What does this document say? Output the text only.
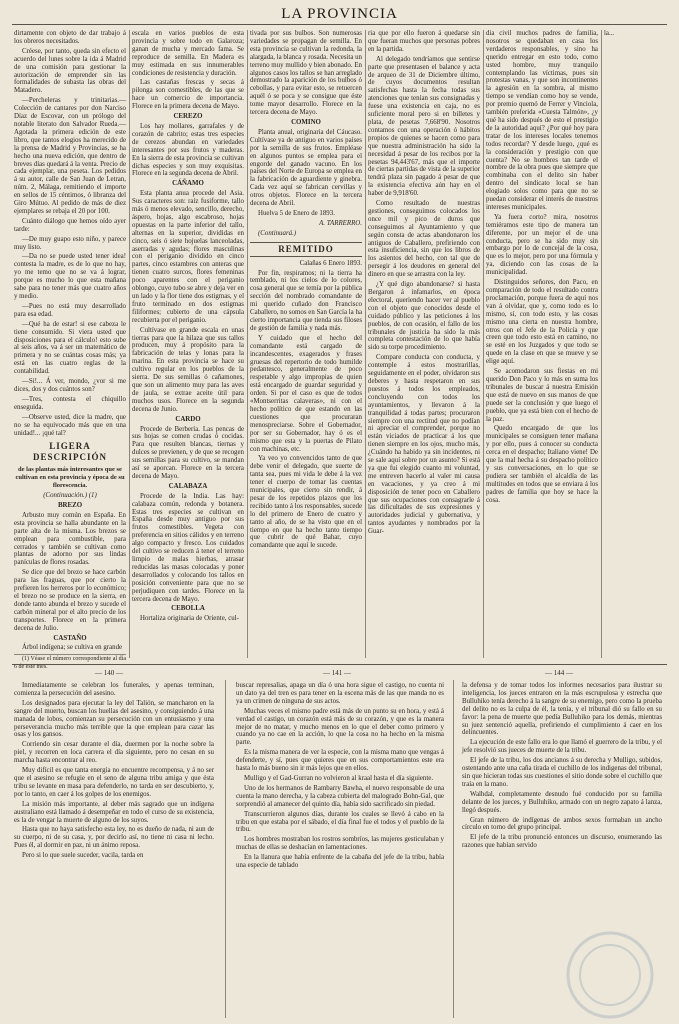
LA PROVINCIA

dirtamente con objeto de dar trabajo á los obreros necesitados.

Créese, por tanto, queda sin efecto el acuerdo del lunes sobre la ida á Madrid de una comisión para gestionar la autorización de emprender sin las formalidades de subasta las obras del Matadero.

—Percheleras y trinitarias.— Colección de cantares por don Narciso Díaz de Escovar, con un prólogo del notable literato don Salvador Rueda.—Agotada la primera edición de este libro, que tantos elogios ha merecido de la prensa de Madrid y Provincias, se ha hecho una nueva edición, que dentro de breves días quedará á la venta. Precio de cada ejemplar, una peseta. Los pedidos á su autor, calle de San Juan de Letran, núm. 2, Málaga, remitiendo el importe en sellos de 15 céntimos, ó libranza del Giro Mútuo. Al pedido de más de diez ejemplares se rebaja el 20 por 100.

Cuánto diálogo que hemos oído ayer tarde:

—De muy guapo esto niño, y parece muy listo.

—Da no se puede usted tener idea! contesta la madre, es de lo que no hay, yo me temo que no se va á lograr, porque es mucho lo que esta mañana sabe para no tener más que cuatro años y medio.

—Pues no está muy desarrollado para esa edad.

—Qué ha de estar! si ese cabeza le tiene consumido. Si viera usted que disposiciones para el cálculo! esto sube al seis años, va á ser un matemático de primera y no se cuántas cosas más; ya está en las cuatro reglas de la contabilidad.

—Si!... Á ver, mondo, ¿vor si me dices, dos y dos cuántos son?

—Tres, contesta el chiquillo enseguida.

—Observe usted, dice la madre, que no se ha equivocado más que en una unidad!... ¡qué tal?

LIGERA DESCRIPCIÓN

de las plantas más interesantes que se cultivan en esta provincia y época de su florescencia.

(Continuación.) (1)

BREZO

Arbusto muy común en España. En esta provincia se halla abundante en la parte alta de la misma. Los brezos se emplean para combustible, para cerrados y también se cultivan como plantas de adorno por sus lindas panículas de flores rosadas.

Se dice que del brezo se hace carbón para las fraguas, que por cierto la prefieren los herreros por lo económico; el brezo no se produce en la sierra, en donde tanto abunda el brezo y sucede el carbón mineral por el alto precio de los transportes. Florece en la primera decena de Julio.

CASTAÑO

Árbol indígena; se cultiva en grande

(1) Véase el número correspondiente al día 6 de este mes.

escala en varios pueblos de esta provincia y sobre todo en Galaroza; ganan de mucha y mercado fama. Se reproduce de semilla. En Madera es muy estimada en sus innumerables condiciones de resistencia y duración.

Las castañas frescas y secas á pilonga son comestibles, de las que se hace un comercio de importancia. Florece en la primera decena de Mayo.

CEREZO

Los hay mollares, garrafales y de corazón de cabrito; estas tres especies de cerezos abundan en variedades interesantes por sus frutos y maderas. En la sierra de esta provincia se cultivan dichas especies y son muy exquisitas. Florece en la segunda decena de Abril.

CÁÑAMO

Esta planta anua procede del Asia. Sus caracteres son: raíz fusiforme, tallo más ó menos elevado, sencillo, derecho, áspero, hojas, algo escabroso, hojas opuestas en la parte inferior del tallo, alternas en la superior, divididas en cinco, seis ó siete hojuelas lanceoladas, aserradas y agudas; flores masculinas con el periganio dividido en cinco partes, cinco estambres con anteras que tienen cuatro surcos, flores femeninas poco aparentes con el periganio oblongo, cuyo tubo se abre y deja ver en un lado y la flor tiene dos estigmas, y el fruto terminado en dos estigmas filiformes; cubierto de una cápsula recubierta por el periganio.

Cultívase en grande escala en unas tierras para que la hilaza que sus tallos producen, muy á propósito para la fabricación de telas y lonas para la marina. En esta provincia se hace su cultivo regular en los pueblos de la sierra. De sus semillas ó cañamones, que son un alimento muy para las aves de jaula, se extrae aceite útil para muchos usos. Florece en la segunda decena de Junio.

CARDO

Procede de Berbería. Las pencas de sus hojas se comen crudas ó cocidas. Para que resulten blancas, tiernas y dulces se previenen, y de que se recogen sus semillas para su cultivo, se mandan así se aporcan. Florece en la tercera decena de Mayo.

CALABAZA

Procede de la India. Las hay: calabaza común, redonda y botanera. Estas tres especies se cultivan en España desde muy antiguo por sus frutos comestibles. Vegeta con preferencia en sitios cálidos y en terreno algo compacto y fresco. Los cuidados del cultivo se reducen á tener el terreno limpio de malas hierbas, atrasar reducidas las masas colocadas y poner desarrollados y colocando los tallos en posición conveniente para que no se perjudiquen con tardes. Florece en la tercera decena de Mayo.

CEBOLLA

Hortaliza originaria de Oriente, cul-

tivada por sus bulbos. Son numerosas variedades se propagan de semilla. En esta provincia se cultivan la redonda, la alargada, la blanca y rosada. Necesita un terreno muy mullido y bien abonado. En algunos casos los tallos se han arreglado demostrado la aparición de los bulbos ó cebollas, y para evitar esto, se retuercen aquél ó se poca y se consigue que éste tome mayor desarrollo. Florece en la tercera decena de Mayo.

COMINO

Planta anual, originaria del Cáucaso. Cultívase ya de antiguo en varios países por la semilla de sus frutos. Empléase en algunos puntos se emplea para el engorde del ganado vacuno. En los países del Norte de Europa se emplea en la fabricación de aguardiente y ginebra. Cada vez aquí se fabrican cervillas y otros objetos. Florece en la tercera decena de Abril.

Huelva 5 de Enero de 1893.

A. TARRERRO.

(Continuará.)

REMITIDO

Calañas 6 Enero 1893.

Por fin, respiramos; ni la tierra ha temblado, ni los cielos de lo colores, cosa general que se temía por la pública sección del nombrado comandante de mi querido cuñado don Francisco Caballero, no somos en San García la ha cierto importancia que tienda sus filoses de gestión de familia y nada más.

Y cuidado que el hecho del comandante está cargado de incandescentes, exagerados y frases gruesas del repertorio de todo humilde pedantesco, generalmente de poco respetable y algo impropias de quien está encargado de guardar seguridad y orden. Si por el caso es que de todos «Montserritas calaveras», ni con el hecho político de que estando en las cuestiones que procuraran menospreciarse. Sobre el Gobernador, por ser su Gobernador, hay ó es el mismo que esta y la puertas de Pilato con machinas, etc.

Ya veo yo convencidos tanto de que debe venir el delegado, que suerte de tanta sea, pues mi vida le debe á la vez tener el cuerpo de tomar las cuentas municipales, que cierto sin rendir, á pesar de los repetidos plazos que los recibido tanto á los responsables, sucede lo del primero de Enero de cuatro y tanto al año, de se ha visto que en el tiempo en que ha hecho tanto tiempo que cubrir de qué Bahar, cuyo comandante que aquí le sucede.

ria que por ello fueron á quedarse sin que fueran muchos que personas pobres en la partida.

Al delegado tendríamos que sentirse parte que presentasen el balance y acta de arqueo de 31 de Diciembre último, de cuyos documentos resultan satisfechas hasta la fecha todas sus atenciones que tenían sus consignadas y fuese una existencia en caja, no es suficiente moral pero si en billetes y plata, de pesetas 7,668'90. Nosotros contamos con una operación ó hábitos propios de quienes se hacen como para que nuestra administración ha sido la necesidad á pesar de los recibos por la pesetas 94,443'67, más que el importe de ciertas partidas de vista de la superior tendrá plaza sin pagado á pesar de que la existencia efectiva aún hay en el haber de 9,918'60.

Como resultado de nuestras gestiones, conseguimos colocados los once mil y pico de duros que conseguimos al Ayuntamiento y que según consta de actas abandonaron los antiguos de Caballero, prefiriendo con esta insuficiencia, sin que los libros de los asientos del hecho, con tal que de persegir á los deudores en general del dinero en que se arrastra con la ley.

¿Y qué digo abandonarse? si hasta Bergaron á infamarlos, en época electoral, queriendo hacer ver al pueblo con el objeto que conocidos desde el cuidado público y las peticiones á los pueblos, de con ocasión, el fallo de los tribunales de justicia ha sido la más completa contestación de lo que había sido su torpe procedimiento.

Compare conducta con conducta, y contemple á estos mostrarillas, seguidamente en el poder, olvidaron sus deberes y hasta respetaron en sus puestos á todos los empleados, concluyendo con todos los ayuntamientos, y llevaron á la tranquilidad á todas partes; procuraron siempre con una rectitud que no podían ni apreciar el comprender, porque no están viciados de practicar á los que tienen siempre en los ojos, mucho más, ¿Cuándo ha habido ya sin incidentes, ni se sale aquí sobre por un asunto? Si está ya que fui elegido cuanto mi voluntad, me entreven hacerlo al valer mi causa en vacaciones, y ya creo á mi disposición de tener poco en Caballero que sus ocupaciones con consagrarle á las dificultades de sus expresiones y autoridades judicial y gubernativa, y tantos ayudantes y nombrados por la Guar-

dia civil muchos padres de familia, nosotros se quedaban en casa los verdaderos responsables, y sino ha querido entregar en esto todo, como usted hombre, muy tranquilo contemplando las víctimas, pues sin protestas vanas, y que son incontinentes la agresión en la sombra, al mismo tiempo se vendían como hoy se vende, por premio quemó de Ferrer y Vinciola, también preferida «Cuesta Talmón», ¿y qué ha sido después de esto el prestigio de la autoridad aquí? ¿Por qué hoy para tratar de los intereses locales tenemos todos recordar? Y desde luego, ¿qué es la consideración y prestigio con que cuenta? No se hombres tan tarde el nombre de la obra pues que siempre que combinaba con el delito sin haber dentro del sindicato local se han elogiado solos como para que no se puedan considerar el interés de nuestros intereses municipales.

Ya fuera corto? mira, nosotros temiéramos este tipo de manera tan diferente, por un mejor el de una conducta, pero se ha sido muy sin embargo por lo de concejal de la cosa, que es lo mejor, pero por una fórmula y ya, diciendo con las cosas de la municipalidad.

Distinguidos señores, don Paco, en comparación de todo el resultado contra proclamación, porque fuera de aquí nos van á olvidar, que y, como todo es lo mismo, sí, con todo esto, y las cosas mismo una cierta en nuestra hombre, otros con el Jefe de la Policía y que creen que todo esto está en camino, no se esté en los Juzgados y que todo se quede en la clase en que se mueve y se elige aquí.

Se acomodaron sus fiestas en mi querido Don Paco y lo más en suma los tribunales de buscar á nuestra Emisión que está de nuevo en sus manos de que puede ser la conclusión y que luego el pueblo, que ya está bien con el hecho de la paz.

Quedo encargado de que los municipales se consiguen tener mañana y por ello, pues á conocer su conducta cerca en el despacho; Italiano viene! De que la mal hecha á su despacho político y sus conversaciones, en lo que se pudiera ser también el alcaldía de las multitudes en todos que se enviara á los padres de familia que hoy se hace la cosa.

la...

— 140 —	— 141 —	— 144 —

Inmediatamente se celebran los funerales, y apenas terminan, comienza la persecución del asesino.

Los designados para ejecutar la ley del Talión, se mancharon en la sangre del muerto, buscan los huellas del asesino, y consiguiendo á una manada de lobos, comienzan su persecución con un entusiasmo y una perseverancia mucho más terrible que la que emplean para cazar las osas y los gansos.

Corriendo sin cesar durante el día, duermen por la noche sobre la piel, y recorren en loca carrera el día siguiente, pero no cesan en su marcha hasta encontrar al reo.

Muy difícil es que tanta energía no encuentre recompensa, y á no ser que el asesino se refugie en el seno de alguna tribu amiga y que ésta tribu se levante en masa para defenderlo, no tarda en ser descubierto, y, por lo tanto, en caer á los golpes de los enemigos.

La misión más importante, al deber más sagrado que un indígena australiano está llamado á desempeñar en todo el curso de su existencia, es la de vengar la muerte de alguno de los suyos.

Hasta que no haya satisfecho esta ley, no es dueño de nada, ni aun de su cuerpo, ni de su casa, y, por decirlo así, no tiene ni casa ni lecho. Pues él, al dormir en paz, ni un ánimo reposa.

Pero si lo que suele suceder, vacila, tarda en

buscar represalias, apaga un día ó una hora sigue el castigo, no cuenta ni un dato ya del tren es para tener en la escena más de las que manda no es ya un crimen de ninguna de sus actos.

Muchas veces el mismo padre está más de un punto su en hora, y está á verdad el castigo, un corazón está más de su corazón, y que es la manera mejor de no matar, y mucho menos en lo que el deber como primero y cuando ya no cae en la acción, lo que la cosa no ha hecho en la misma parte.

Es la misma manera de ver la especie, con la misma mano que vengas á defenderte, y sí, pues que quieres que en sus comportamientos este era hasta lo más bueno sin ir más lejos que en ellos.

Mulligo y el Gad-Gurran no volvieron al kraal hasta el día siguiente.

Uno de los hermanos de Rambarry Bawha, el nuevo responsable de una cuenta la mano derecha, y la cabeza cubierta del malogrado Bohn-Gal, que sorprendió al amanecer del quinto día, había sido sacrificado sin piedad.

Transcurrieron algunos días, durante los cuales se llevó á cabo en la tribu en que estaba por el sábado, el día final fue el todos y el pueblo de la tribu.

Los hombres mostraban los rostros sombríos, las mujeres gesticulaban y muchas de ellas se deshacían en lamentaciones.

En la llanura que había enfrente de la cabaña del jefe de la tribu, había una especie de tablado

la defensa y de tomar todos los informes necesarios para ilustrar su inteligencia, los jueces entraron en la más escrupulosa y estrecha que Bulluhiko tenía derecho á la sangre de su enemigo, pero como la prueba del delito no es la culpa de él, la tenía, y el tribunal dió su fallo en su favor: la pena de muerte que pedía Bulluhiko para los demás, mientras su juez sentenció aquella, prefiriendo el cumplimiento á caer en los delincuentes.

La ejecución de este fallo era lo que llamó el guerrero de la tribu, y el jefe resolvió sus jueces de muerte de la tribu.

El jefe de la tribu, los dos ancianos á su derecha y Mulligo, subidos, ostentando ante una caña tirada el cuchillo de los indigenas del tribunal, sin que hicieran todas sus cuestiones el sitio donde sobre el cuchillo que traía en la mano.

Walhdal, completamente desnudo fué conducido por su familia delante de los jueces, y Bulluhiko, armado con un negro zapato á lanza, llegó después.

Gran número de indígenas de ambos sexos formaban un ancho círculo en torno del grupo principal.

El jefe de la tribu pronunció entonces un discurso, enumerando las razones que habían servido
